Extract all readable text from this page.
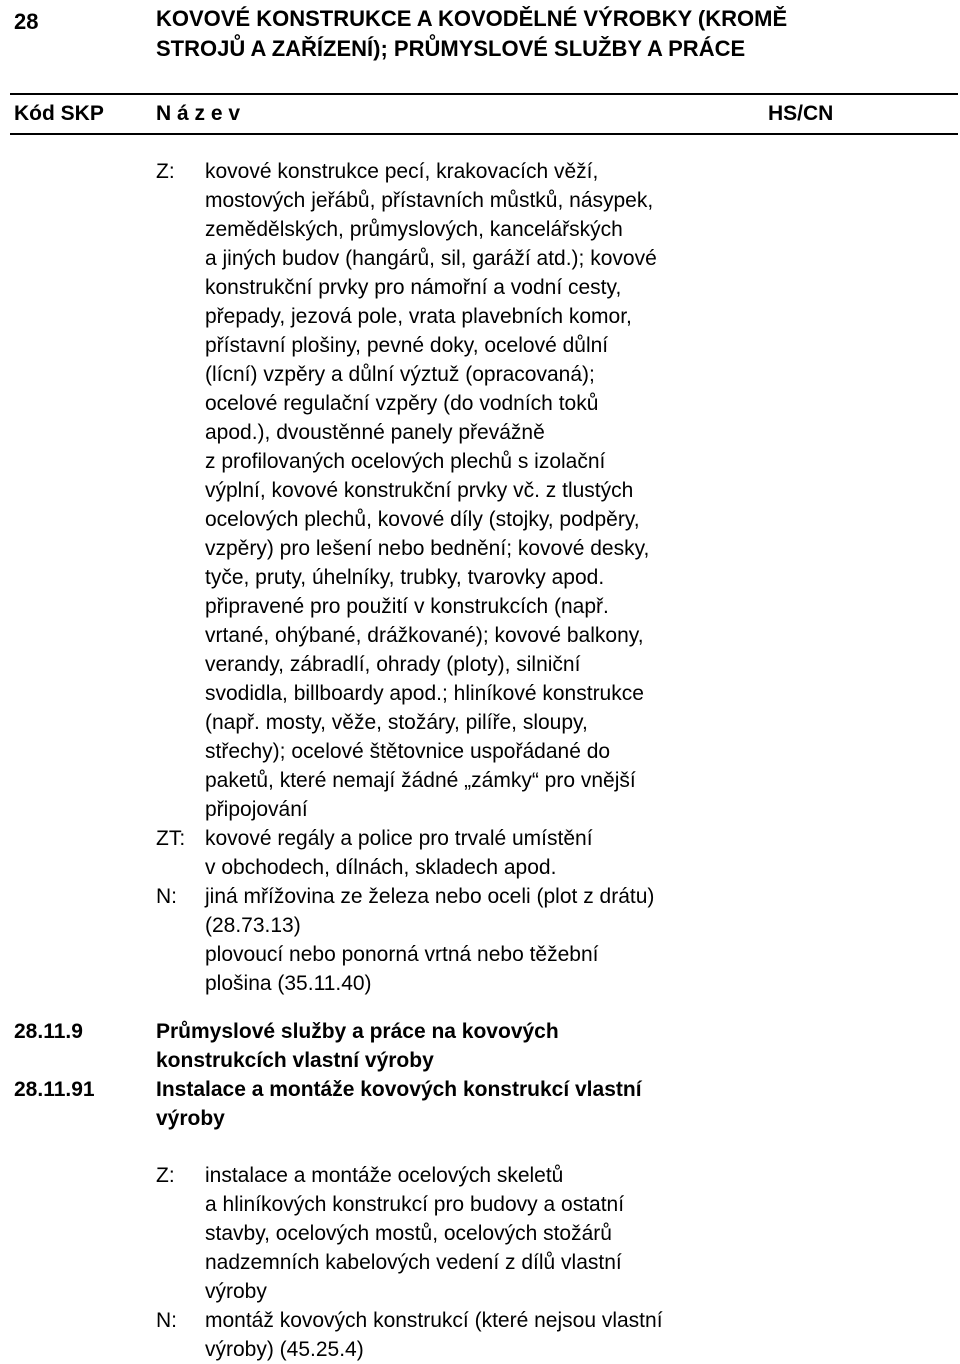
28	KOVOVÉ KONSTRUKCE A KOVODĚLNÉ VÝROBKY (KROMĚ
STROJŮ A ZAŘÍZENÍ); PRŮMYSLOVÉ SLUŽBY A PRÁCE
Kód SKP N á z e v	HS/CN
Z:	kovové konstrukce pecí, krakovacích věží,
mostových jeřábů, přístavních můstků, násypek,
zemědělských, průmyslových, kancelářských
a jiných budov (hangárů, sil, garáží atd.); kovové
konstrukční prvky pro námořní a vodní cesty,
přepady, jezová pole, vrata plavebních komor,
přístavní plošiny, pevné doky, ocelové důlní
(lícní) vzpěry a důlní výztuž (opracovaná);
ocelové regulační vzpěry (do vodních toků
apod.), dvoustěnné panely převážně
z profilovaných ocelových plechů s izolační
výplní, kovové konstrukční prvky vč. z tlustých
ocelových plechů, kovové díly (stojky, podpěry,
vzpěry) pro lešení nebo bednění; kovové desky,
tyče, pruty, úhelníky, trubky, tvarovky apod.
připravené pro použití v konstrukcích (např.
vrtané, ohýbané, drážkované); kovové balkony,
verandy, zábradlí, ohrady (ploty), silniční
svodidla, billboardy apod.; hliníkové konstrukce
(např. mosty, věže, stožáry, pilíře, sloupy,
střechy); ocelové štětovnice uspořádané do
paketů, které nemají žádné „zámky“ pro vnější
připojování
ZT: kovové regály a police pro trvalé umístění
v obchodech, dílnách, skladech apod.
N:	jiná mřížovina ze železa nebo oceli (plot z drátu)
(28.73.13)
plovoucí nebo ponorná vrtná nebo těžební
plošina (35.11.40)
28.11.9	Průmyslové služby a práce na kovových
konstrukcích vlastní výroby
28.11.91	Instalace a montáže kovových konstrukcí vlastní
výroby
Z:	instalace a montáže ocelových skeletů
a hliníkových konstrukcí pro budovy a ostatní
stavby, ocelových mostů, ocelových stožárů
nadzemních kabelových vedení z dílů vlastní
výroby
N:	montáž kovových konstrukcí (které nejsou vlastní
výroby) (45.25.4)
